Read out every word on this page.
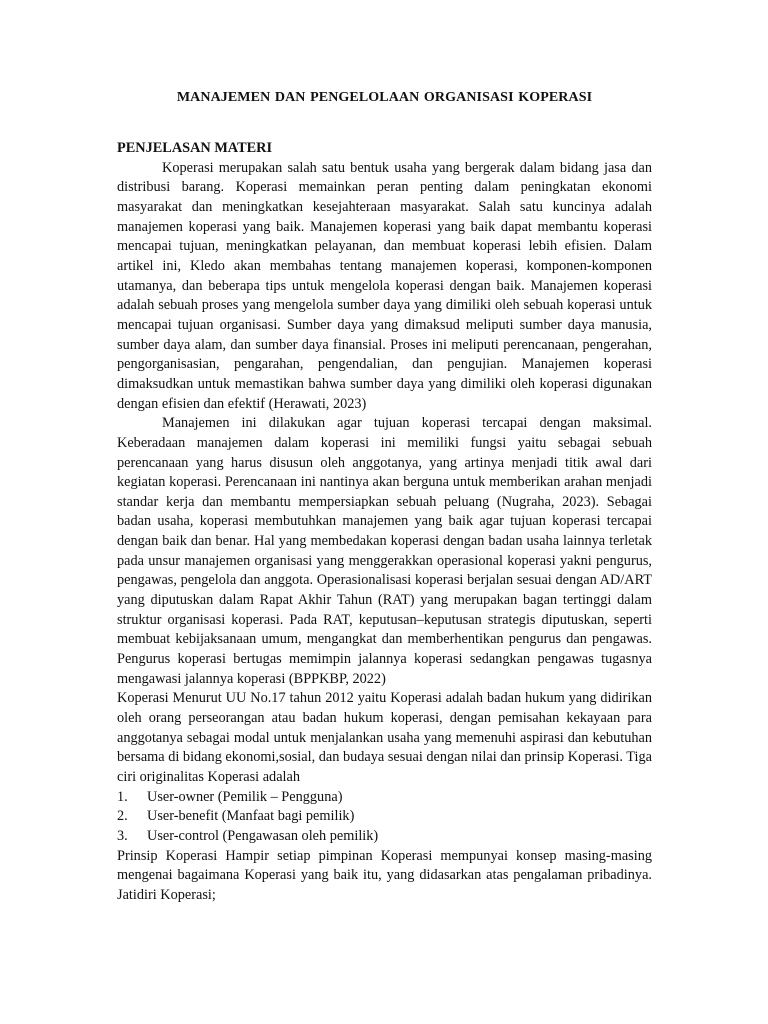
MANAJEMEN DAN PENGELOLAAN ORGANISASI KOPERASI
PENJELASAN MATERI

Koperasi merupakan salah satu bentuk usaha yang bergerak dalam bidang jasa dan distribusi barang. Koperasi memainkan peran penting dalam peningkatan ekonomi masyarakat dan meningkatkan kesejahteraan masyarakat. Salah satu kuncinya adalah manajemen koperasi yang baik. Manajemen koperasi yang baik dapat membantu koperasi mencapai tujuan, meningkatkan pelayanan, dan membuat koperasi lebih efisien. Dalam artikel ini, Kledo akan membahas tentang manajemen koperasi, komponen-komponen utamanya, dan beberapa tips untuk mengelola koperasi dengan baik. Manajemen koperasi adalah sebuah proses yang mengelola sumber daya yang dimiliki oleh sebuah koperasi untuk mencapai tujuan organisasi. Sumber daya yang dimaksud meliputi sumber daya manusia, sumber daya alam, dan sumber daya finansial. Proses ini meliputi perencanaan, pengerahan, pengorganisasian, pengarahan, pengendalian, dan pengujian. Manajemen koperasi dimaksudkan untuk memastikan bahwa sumber daya yang dimiliki oleh koperasi digunakan dengan efisien dan efektif (Herawati, 2023)

Manajemen ini dilakukan agar tujuan koperasi tercapai dengan maksimal. Keberadaan manajemen dalam koperasi ini memiliki fungsi yaitu sebagai sebuah perencanaan yang harus disusun oleh anggotanya, yang artinya menjadi titik awal dari kegiatan koperasi. Perencanaan ini nantinya akan berguna untuk memberikan arahan menjadi standar kerja dan membantu mempersiapkan sebuah peluang (Nugraha, 2023). Sebagai badan usaha, koperasi membutuhkan manajemen yang baik agar tujuan koperasi tercapai dengan baik dan benar. Hal yang membedakan koperasi dengan badan usaha lainnya terletak pada unsur manajemen organisasi yang menggerakkan operasional koperasi yakni pengurus, pengawas, pengelola dan anggota. Operasionalisasi koperasi berjalan sesuai dengan AD/ART yang diputuskan dalam Rapat Akhir Tahun (RAT) yang merupakan bagan tertinggi dalam struktur organisasi koperasi. Pada RAT, keputusan–keputusan strategis diputuskan, seperti membuat kebijaksanaan umum, mengangkat dan memberhentikan pengurus dan pengawas. Pengurus koperasi bertugas memimpin jalannya koperasi sedangkan pengawas tugasnya mengawasi jalannya koperasi (BPPKBP, 2022)

Koperasi Menurut UU No.17 tahun 2012 yaitu Koperasi adalah badan hukum yang didirikan oleh orang perseorangan atau badan hukum koperasi, dengan pemisahan kekayaan para anggotanya sebagai modal untuk menjalankan usaha yang memenuhi aspirasi dan kebutuhan bersama di bidang ekonomi,sosial, dan budaya sesuai dengan nilai dan prinsip Koperasi. Tiga ciri originalitas Koperasi adalah

1.	User-owner (Pemilik – Pengguna)
2.	User-benefit (Manfaat bagi pemilik)
3.	User-control (Pengawasan oleh pemilik)

Prinsip Koperasi Hampir setiap pimpinan Koperasi mempunyai konsep masing-masing mengenai bagaimana Koperasi yang baik itu, yang didasarkan atas pengalaman pribadinya. Jatidiri Koperasi;
